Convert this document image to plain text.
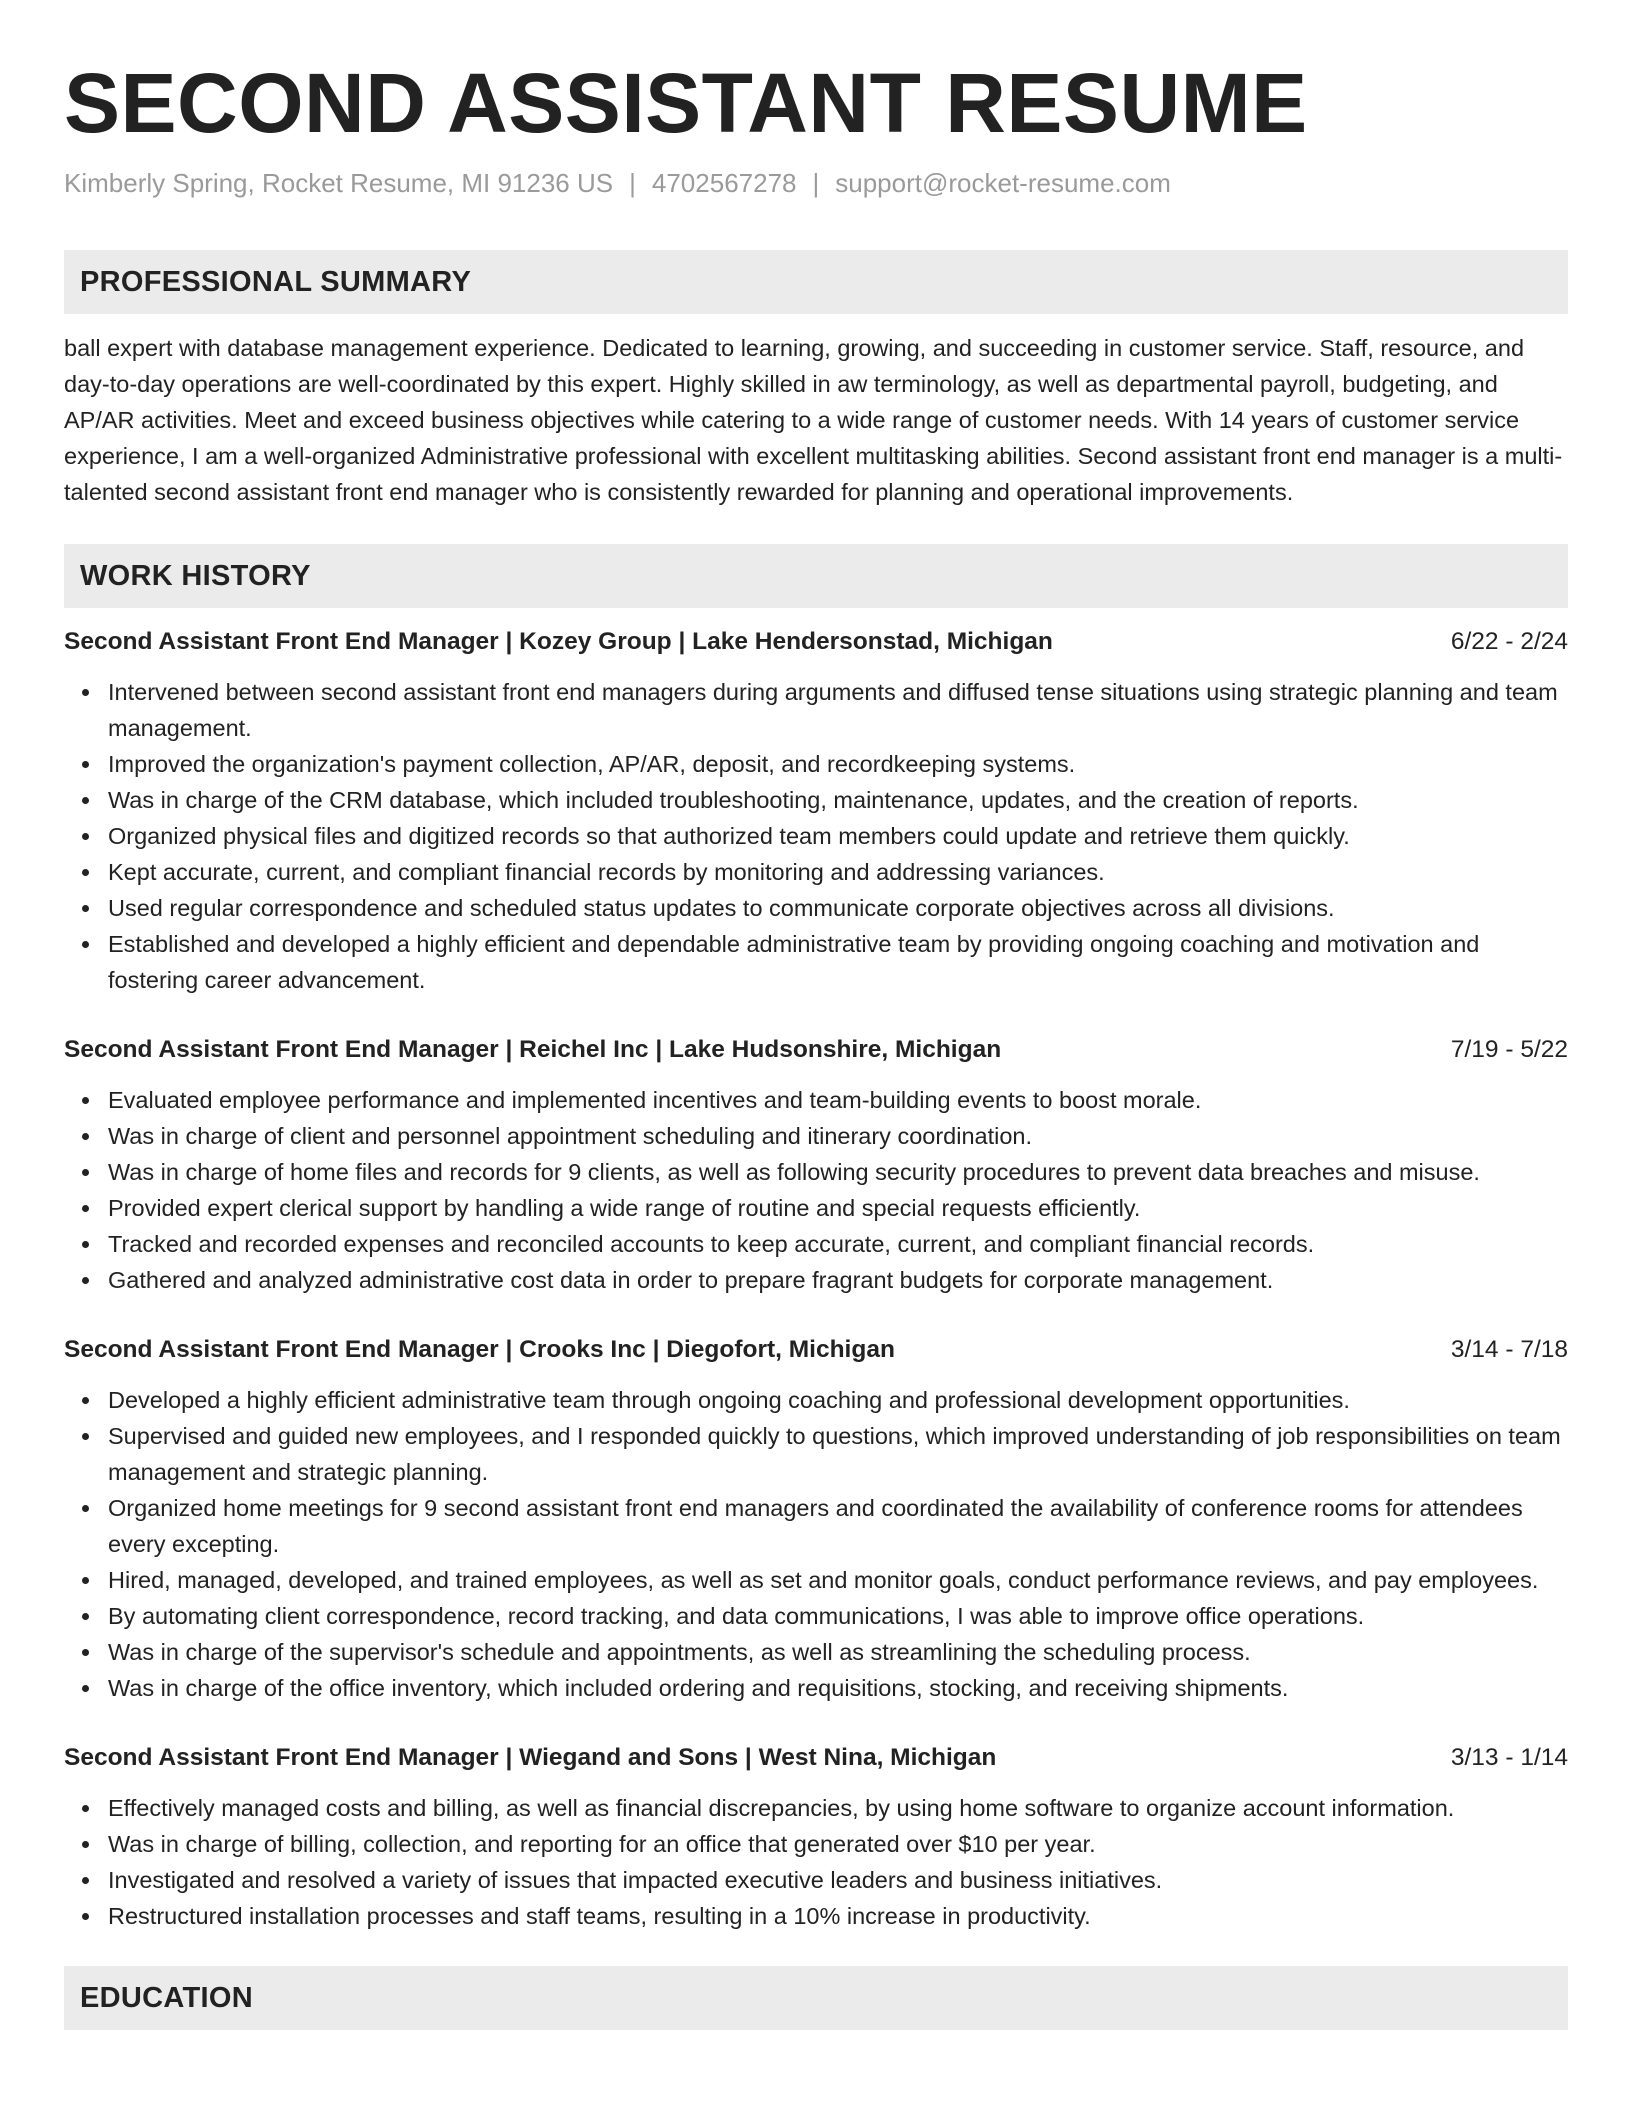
SECOND ASSISTANT RESUME
Kimberly Spring, Rocket Resume, MI 91236 US | 4702567278 | support@rocket-resume.com
PROFESSIONAL SUMMARY
ball expert with database management experience. Dedicated to learning, growing, and succeeding in customer service. Staff, resource, and day-to-day operations are well-coordinated by this expert. Highly skilled in aw terminology, as well as departmental payroll, budgeting, and AP/AR activities. Meet and exceed business objectives while catering to a wide range of customer needs. With 14 years of customer service experience, I am a well-organized Administrative professional with excellent multitasking abilities. Second assistant front end manager is a multi-talented second assistant front end manager who is consistently rewarded for planning and operational improvements.
WORK HISTORY
Second Assistant Front End Manager | Kozey Group | Lake Hendersonstad, Michigan	6/22 - 2/24
Intervened between second assistant front end managers during arguments and diffused tense situations using strategic planning and team management.
Improved the organization's payment collection, AP/AR, deposit, and recordkeeping systems.
Was in charge of the CRM database, which included troubleshooting, maintenance, updates, and the creation of reports.
Organized physical files and digitized records so that authorized team members could update and retrieve them quickly.
Kept accurate, current, and compliant financial records by monitoring and addressing variances.
Used regular correspondence and scheduled status updates to communicate corporate objectives across all divisions.
Established and developed a highly efficient and dependable administrative team by providing ongoing coaching and motivation and fostering career advancement.
Second Assistant Front End Manager | Reichel Inc | Lake Hudsonshire, Michigan	7/19 - 5/22
Evaluated employee performance and implemented incentives and team-building events to boost morale.
Was in charge of client and personnel appointment scheduling and itinerary coordination.
Was in charge of home files and records for 9 clients, as well as following security procedures to prevent data breaches and misuse.
Provided expert clerical support by handling a wide range of routine and special requests efficiently.
Tracked and recorded expenses and reconciled accounts to keep accurate, current, and compliant financial records.
Gathered and analyzed administrative cost data in order to prepare fragrant budgets for corporate management.
Second Assistant Front End Manager | Crooks Inc | Diegofort, Michigan	3/14 - 7/18
Developed a highly efficient administrative team through ongoing coaching and professional development opportunities.
Supervised and guided new employees, and I responded quickly to questions, which improved understanding of job responsibilities on team management and strategic planning.
Organized home meetings for 9 second assistant front end managers and coordinated the availability of conference rooms for attendees every excepting.
Hired, managed, developed, and trained employees, as well as set and monitor goals, conduct performance reviews, and pay employees.
By automating client correspondence, record tracking, and data communications, I was able to improve office operations.
Was in charge of the supervisor's schedule and appointments, as well as streamlining the scheduling process.
Was in charge of the office inventory, which included ordering and requisitions, stocking, and receiving shipments.
Second Assistant Front End Manager | Wiegand and Sons | West Nina, Michigan	3/13 - 1/14
Effectively managed costs and billing, as well as financial discrepancies, by using home software to organize account information.
Was in charge of billing, collection, and reporting for an office that generated over $10 per year.
Investigated and resolved a variety of issues that impacted executive leaders and business initiatives.
Restructured installation processes and staff teams, resulting in a 10% increase in productivity.
EDUCATION
